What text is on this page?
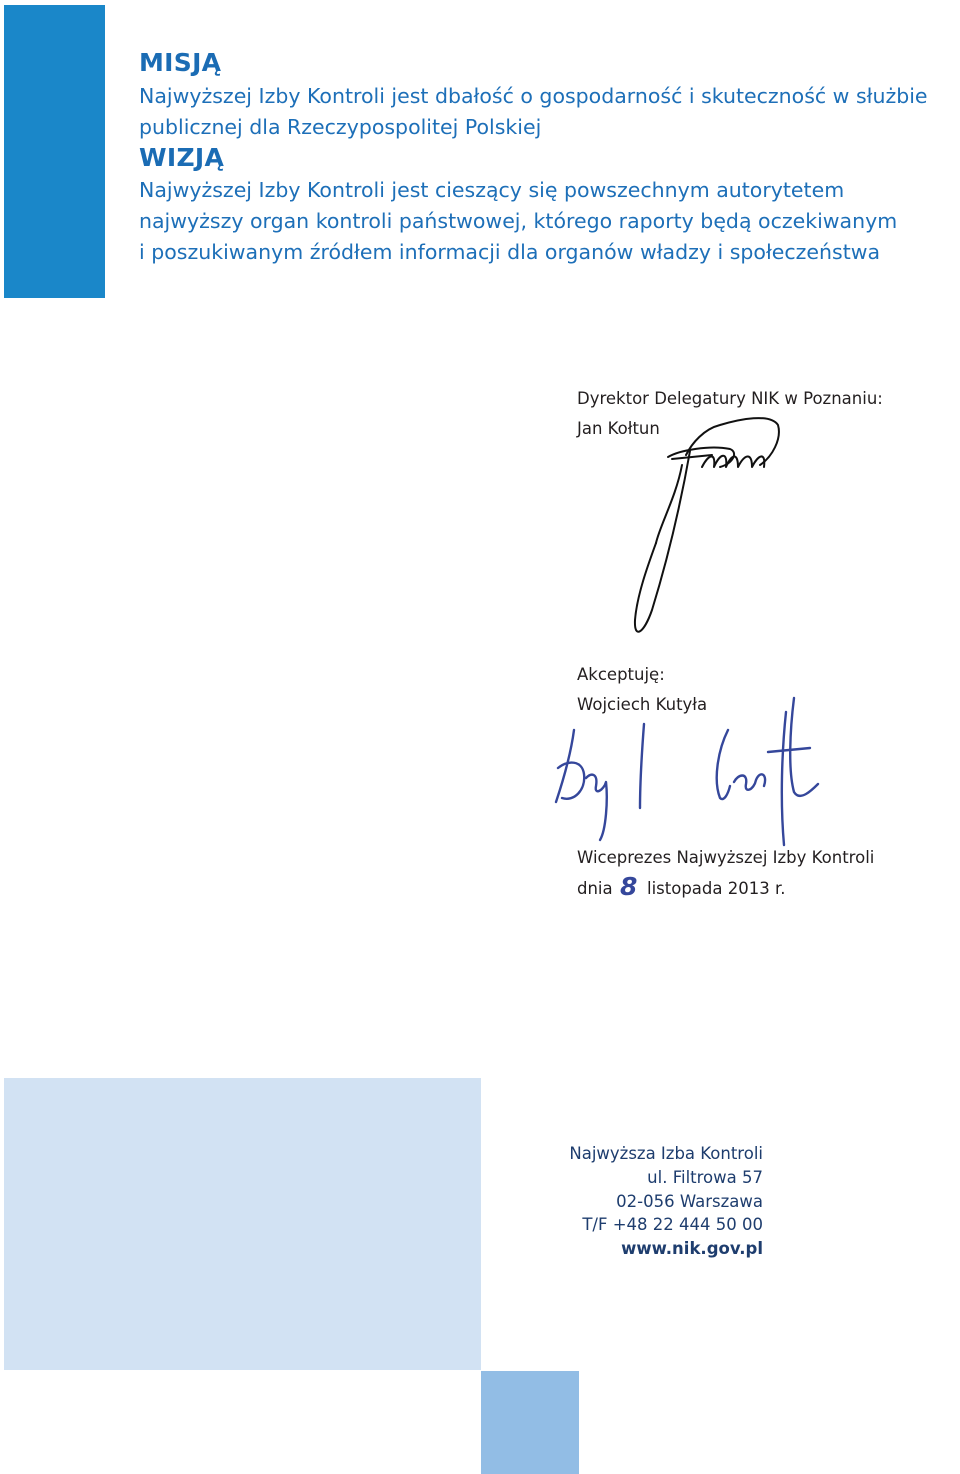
MISJĄ
Najwyższej Izby Kontroli jest dbałość o gospodarność i skuteczność w służbie
publicznej dla Rzeczypospolitej Polskiej
WIZJĄ
Najwyższej Izby Kontroli jest cieszący się powszechnym autorytetem
najwyższy organ kontroli państwowej, którego raporty będą oczekiwanym
i poszukiwanym źródłem informacji dla organów władzy i społeczeństwa
Dyrektor Delegatury NIK w Poznaniu:
Jan Kołtun
Akceptuję:
Wojciech Kutyła
Wiceprezes Najwyższej Izby Kontroli
dnia 8 listopada 2013 r.
Najwyższa Izba Kontroli
ul. Filtrowa 57
02-056 Warszawa
T/F +48 22 444 50 00
www.nik.gov.pl
